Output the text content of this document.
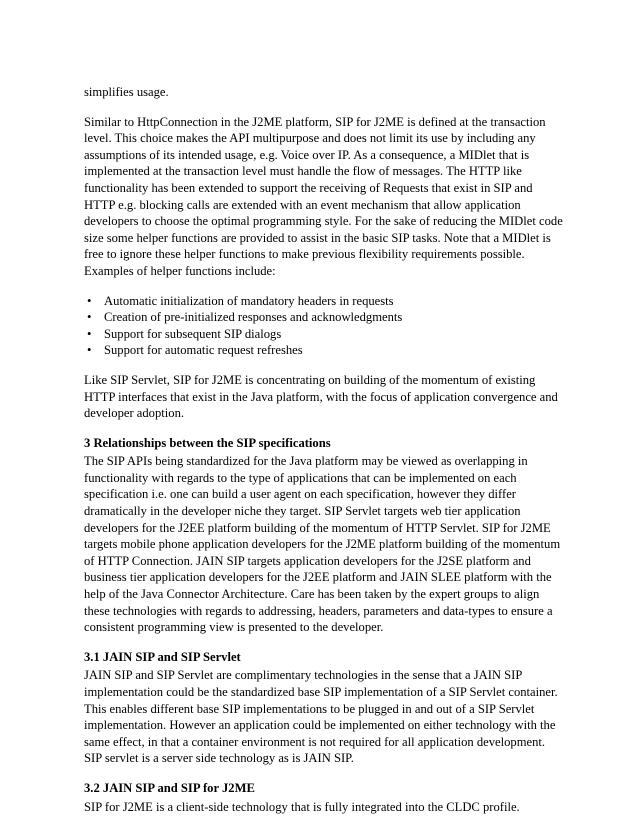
simplifies usage.

Similar to HttpConnection in the J2ME platform, SIP for J2ME is defined at the transaction level. This choice makes the API multipurpose and does not limit its use by including any assumptions of its intended usage, e.g. Voice over IP. As a consequence, a MIDlet that is implemented at the transaction level must handle the flow of messages. The HTTP like functionality has been extended to support the receiving of Requests that exist in SIP and HTTP e.g. blocking calls are extended with an event mechanism that allow application developers to choose the optimal programming style. For the sake of reducing the MIDlet code size some helper functions are provided to assist in the basic SIP tasks. Note that a MIDlet is free to ignore these helper functions to make previous flexibility requirements possible. Examples of helper functions include:

• Automatic initialization of mandatory headers in requests
• Creation of pre-initialized responses and acknowledgments
• Support for subsequent SIP dialogs
• Support for automatic request refreshes

Like SIP Servlet, SIP for J2ME is concentrating on building of the momentum of existing HTTP interfaces that exist in the Java platform, with the focus of application convergence and developer adoption.

3 Relationships between the SIP specifications

The SIP APIs being standardized for the Java platform may be viewed as overlapping in functionality with regards to the type of applications that can be implemented on each specification i.e. one can build a user agent on each specification, however they differ dramatically in the developer niche they target. SIP Servlet targets web tier application developers for the J2EE platform building of the momentum of HTTP Servlet. SIP for J2ME targets mobile phone application developers for the J2ME platform building of the momentum of HTTP Connection. JAIN SIP targets application developers for the J2SE platform and business tier application developers for the J2EE platform and JAIN SLEE platform with the help of the Java Connector Architecture. Care has been taken by the expert groups to align these technologies with regards to addressing, headers, parameters and data-types to ensure a consistent programming view is presented to the developer.

3.1 JAIN SIP and SIP Servlet

JAIN SIP and SIP Servlet are complimentary technologies in the sense that a JAIN SIP implementation could be the standardized base SIP implementation of a SIP Servlet container. This enables different base SIP implementations to be plugged in and out of a SIP Servlet implementation. However an application could be implemented on either technology with the same effect, in that a container environment is not required for all application development. SIP servlet is a server side technology as is JAIN SIP.

3.2 JAIN SIP and SIP for J2ME

SIP for J2ME is a client-side technology that is fully integrated into the CLDC profile.
